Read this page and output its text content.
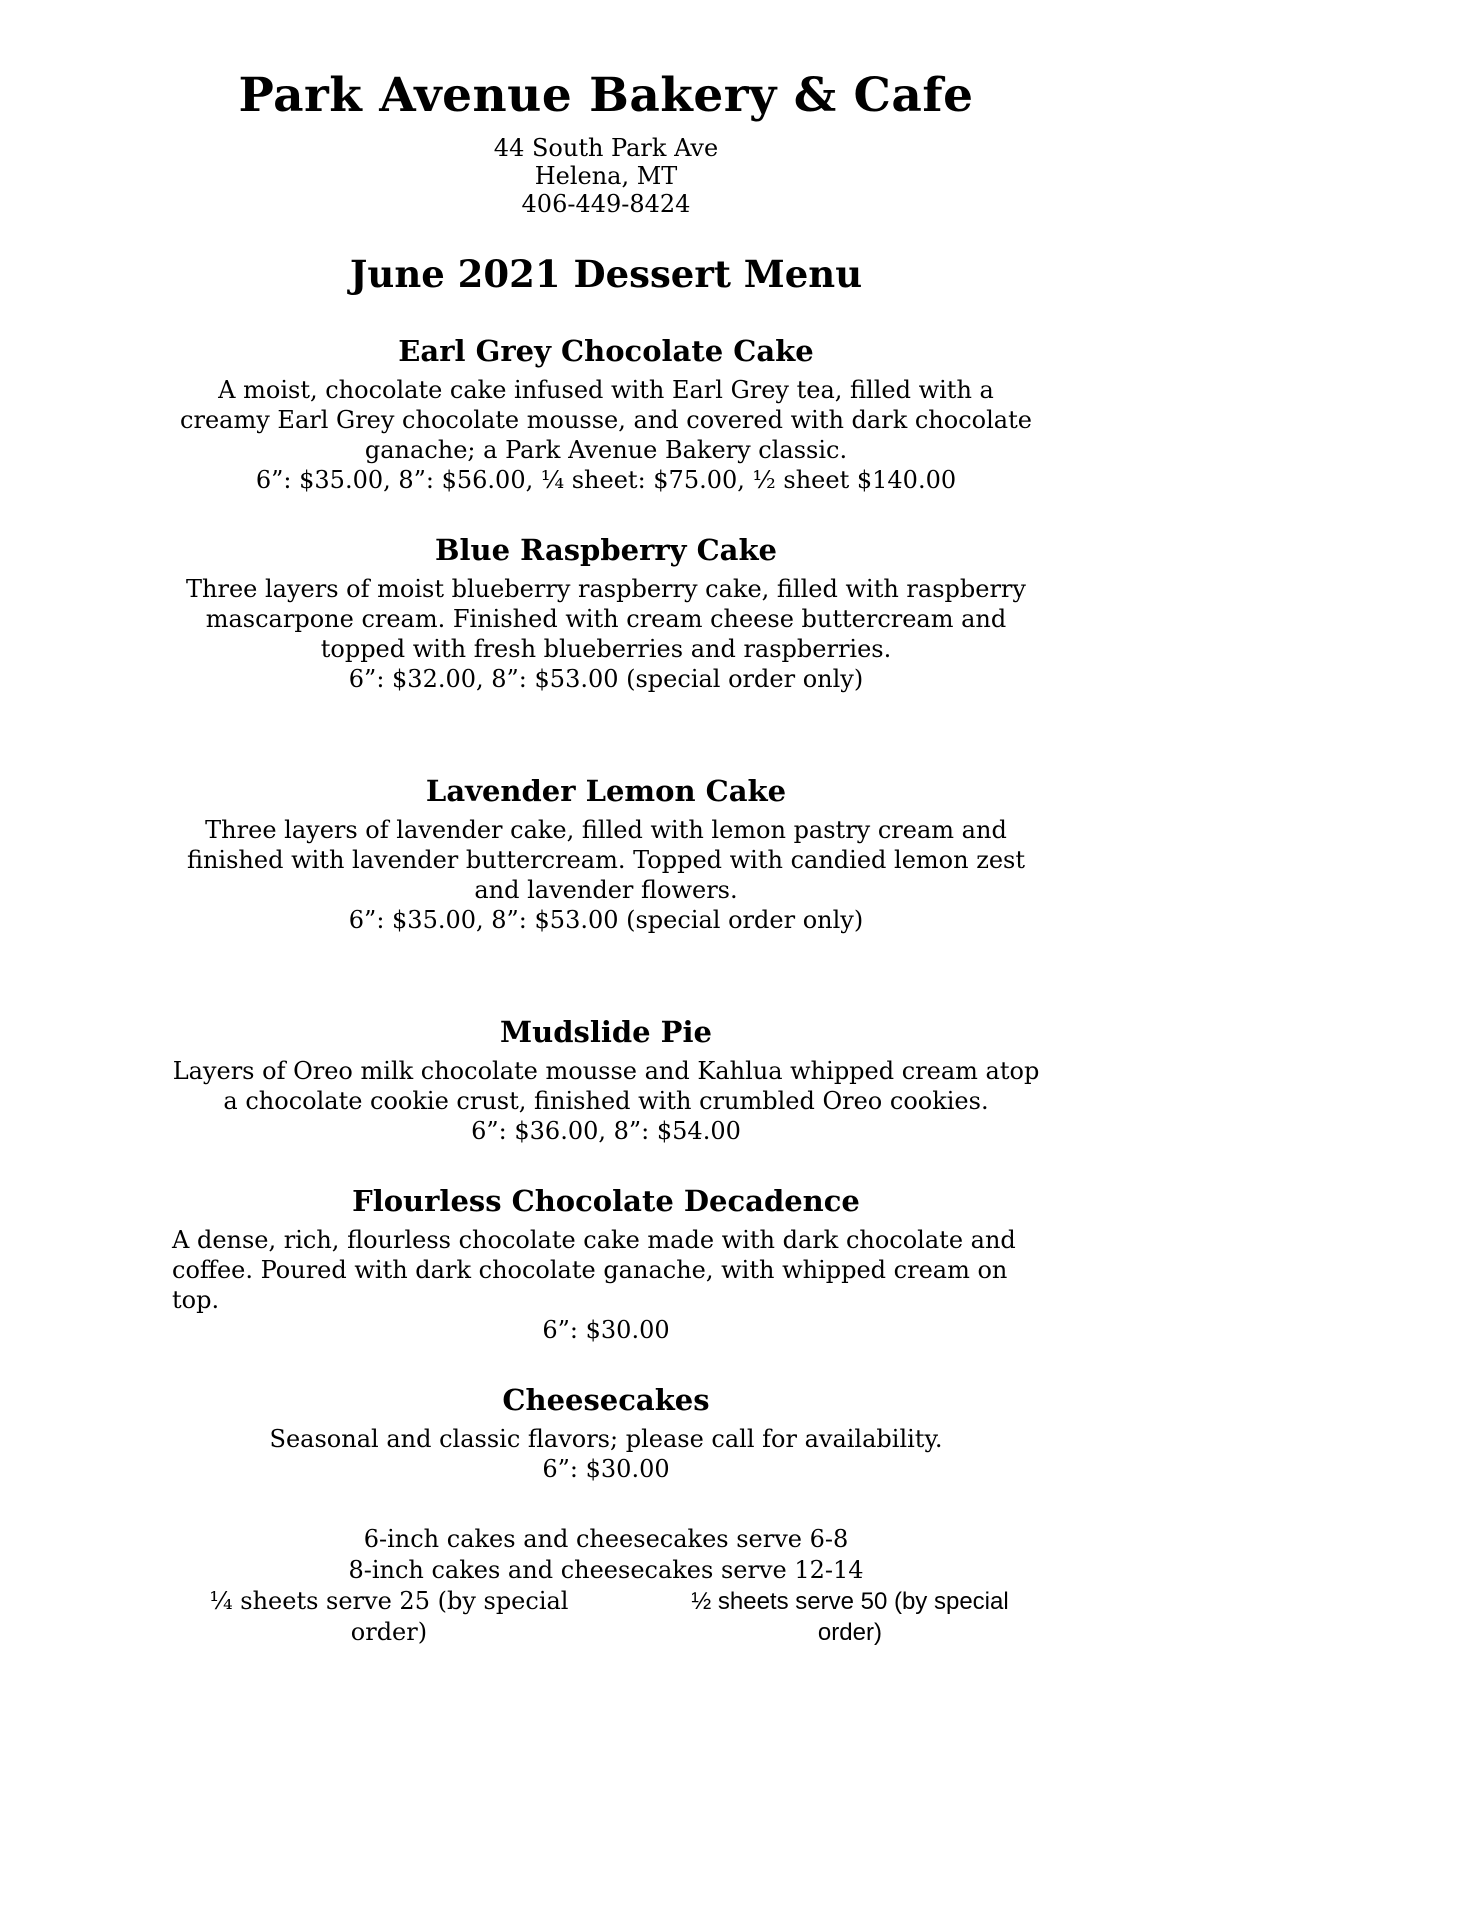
Park Avenue Bakery & Cafe

44 South Park Ave

Helena, MT

406-449-8424

June 2021 Dessert Menu
Earl Grey Chocolate Cake

A moist, chocolate cake infused with Earl Grey tea, filled with a creamy Earl Grey chocolate mousse, and covered with dark chocolate ganache; a Park Avenue Bakery classic.

6”: $35.00, 8”: $56.00, ¼ sheet: $75.00, ½ sheet $140.00

Blue Raspberry Cake

Three layers of moist blueberry raspberry cake, filled with raspberry mascarpone cream. Finished with cream cheese buttercream and topped with fresh blueberries and raspberries.

6”: $32.00, 8”: $53.00 (special order only)

Lavender Lemon Cake

Three layers of lavender cake, filled with lemon pastry cream and finished with lavender buttercream. Topped with candied lemon zest and lavender flowers.

6”: $35.00, 8”: $53.00 (special order only)

Mudslide Pie

Layers of Oreo milk chocolate mousse and Kahlua whipped cream atop a chocolate cookie crust, finished with crumbled Oreo cookies.

6”: $36.00, 8”: $54.00

Flourless Chocolate Decadence

A dense, rich, flourless chocolate cake made with dark chocolate and coffee. Poured with dark chocolate ganache, with whipped cream on top.

6”: $30.00

Cheesecakes

Seasonal and classic flavors; please call for availability.

6”: $30.00

6-inch cakes and cheesecakes serve 6-8

8-inch cakes and cheesecakes serve 12-14

¼ sheets serve 25 (by special order)
½ sheets serve 50 (by special order)
